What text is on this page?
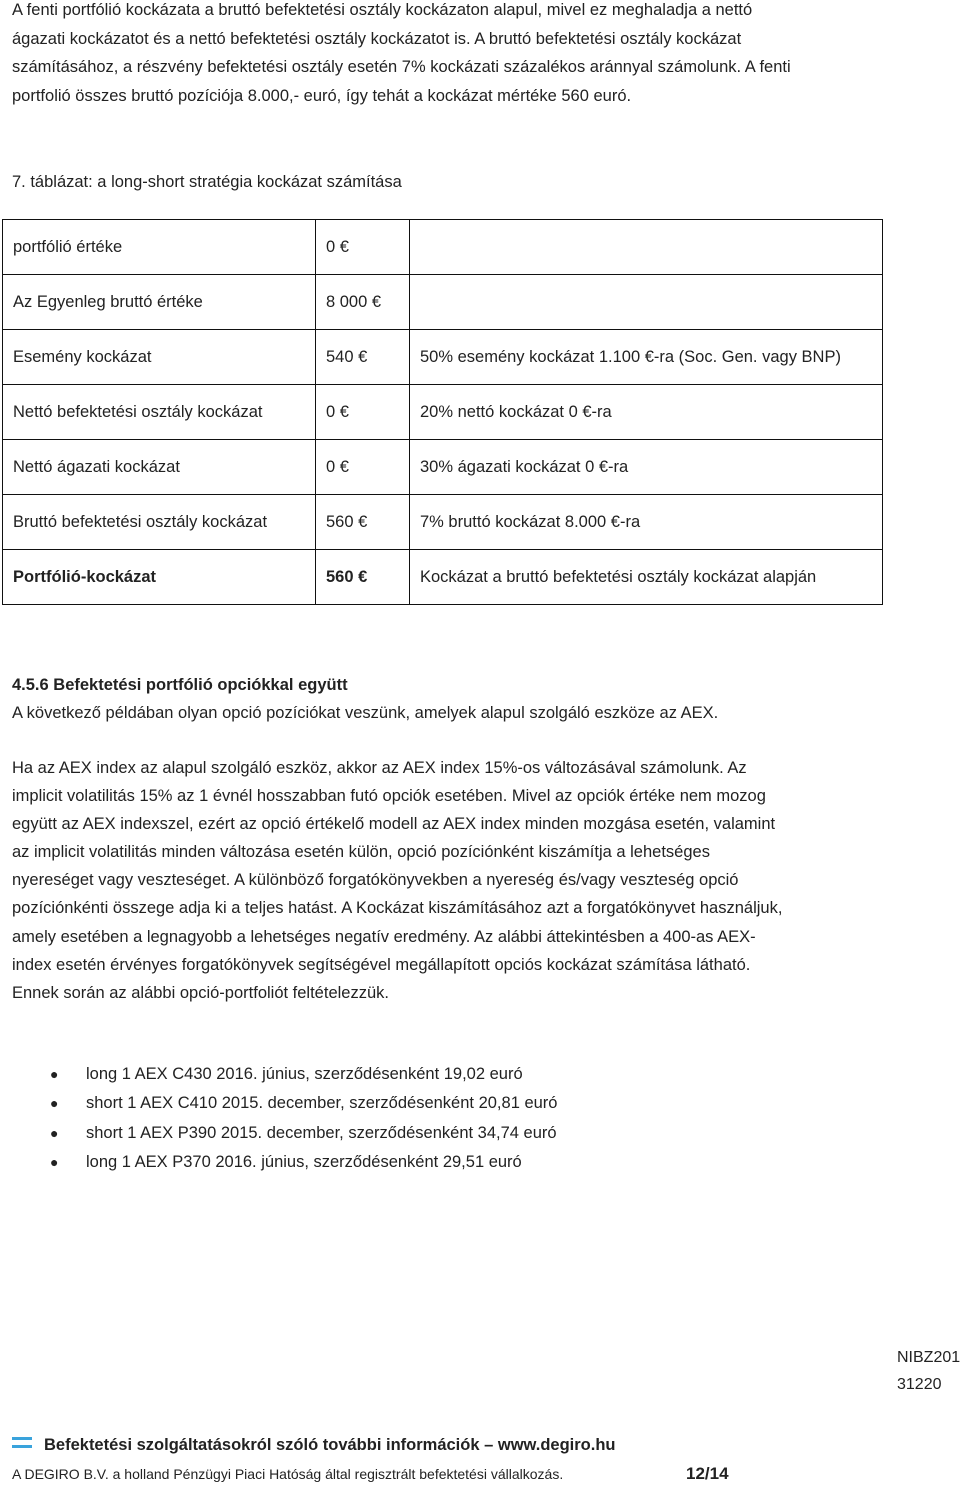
A fenti portfólió kockázata a bruttó befektetési osztály kockázaton alapul, mivel ez meghaladja a nettó ágazati kockázatot és a nettó befektetési osztály kockázatot is. A bruttó befektetési osztály kockázat számításához, a részvény befektetési osztály esetén 7% kockázati százalékos aránnyal számolunk. A fenti portfolió összes bruttó pozíciója 8.000,- euró, így tehát a kockázat mértéke 560 euró.
7. táblázat: a long-short stratégia kockázat számítása
portfólió értéke	0 €	
Az Egyenleg bruttó értéke	8 000 €	
Esemény kockázat	540 €	50% esemény kockázat 1.100 €-ra (Soc. Gen. vagy BNP)
Nettó befektetési osztály kockázat	0 €	20% nettó kockázat 0 €-ra
Nettó ágazati kockázat	0 €	30% ágazati kockázat 0 €-ra
Bruttó befektetési osztály kockázat	560 €	7% bruttó kockázat 8.000 €-ra
Portfólió-kockázat	560 €	Kockázat a bruttó befektetési osztály kockázat alapján
4.5.6 Befektetési portfólió opciókkal együtt
A következő példában olyan opció pozíciókat veszünk, amelyek alapul szolgáló eszköze az AEX.
Ha az AEX index az alapul szolgáló eszköz, akkor az AEX index 15%-os változásával számolunk. Az implicit volatilitás 15% az 1 évnél hosszabban futó opciók esetében. Mivel az opciók értéke nem mozog együtt az AEX indexszel, ezért az opció értékelő modell az AEX index minden mozgása esetén, valamint az implicit volatilitás minden változása esetén külön, opció pozíciónként kiszámítja a lehetséges nyereséget vagy veszteséget. A különböző forgatókönyvekben a nyereség és/vagy veszteség opció pozíciónkénti összege adja ki a teljes hatást. A Kockázat kiszámításához azt a forgatókönyvet használjuk, amely esetében a legnagyobb a lehetséges negatív eredmény. Az alábbi áttekintésben a 400-as AEX-index esetén érvényes forgatókönyvek segítségével megállapított opciós kockázat számítása látható. Ennek során az alábbi opció-portfoliót feltételezzük.
● long 1 AEX C430 2016. június, szerződésenként 19,02 euró
● short 1 AEX C410 2015. december, szerződésenként 20,81 euró
● short 1 AEX P390 2015. december, szerződésenként 34,74 euró
● long 1 AEX P370 2016. június, szerződésenként 29,51 euró
NIBZ201
31220
Befektetési szolgáltatásokról szóló további információk – www.degiro.hu
A DEGIRO B.V. a holland Pénzügyi Piaci Hatóság által regisztrált befektetési vállalkozás.	12/14
